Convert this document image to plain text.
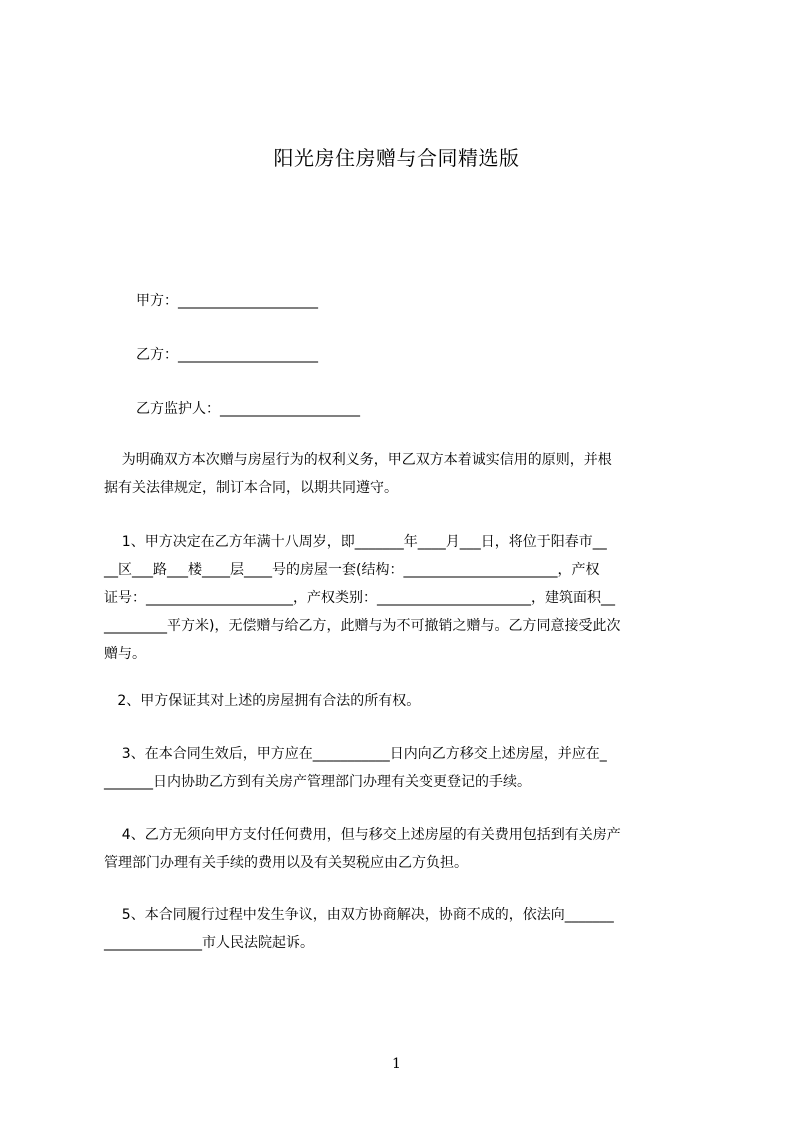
阳光房住房赠与合同精选版
甲方：____________________
乙方：____________________
乙方监护人：____________________
为明确双方本次赠与房屋行为的权利义务，甲乙双方本着诚实信用的原则，并根
据有关法律规定，制订本合同，以期共同遵守。
1、甲方决定在乙方年满十八周岁，即_______年____月___日，将位于阳春市__
__区___路___楼____层____号的房屋一套(结构：______________________，产权
证号：_____________________，产权类别：______________________，建筑面积__
_________平方米)，无偿赠与给乙方，此赠与为不可撤销之赠与。乙方同意接受此次
赠与。
2、甲方保证其对上述的房屋拥有合法的所有权。
3、在本合同生效后，甲方应在___________日内向乙方移交上述房屋，并应在_
_______日内协助乙方到有关房产管理部门办理有关变更登记的手续。
4、乙方无须向甲方支付任何费用，但与移交上述房屋的有关费用包括到有关房产
管理部门办理有关手续的费用以及有关契税应由乙方负担。
5、本合同履行过程中发生争议，由双方协商解决，协商不成的，依法向_______
______________市人民法院起诉。
1
